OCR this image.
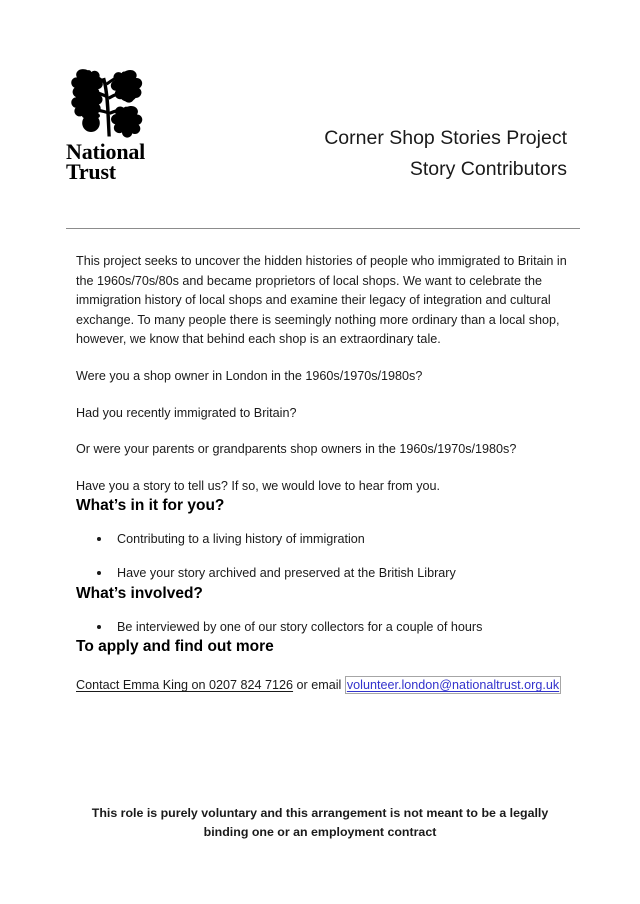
National
Trust
Corner Shop Stories Project
Story Contributors

This project seeks to uncover the hidden histories of people who immigrated to Britain in the 1960s/70s/80s and became proprietors of local shops. We want to celebrate the immigration history of local shops and examine their legacy of integration and cultural exchange. To many people there is seemingly nothing more ordinary than a local shop, however, we know that behind each shop is an extraordinary tale.

Were you a shop owner in London in the 1960s/1970s/1980s?

Had you recently immigrated to Britain?

Or were your parents or grandparents shop owners in the 1960s/1970s/1980s?

Have you a story to tell us? If so, we would love to hear from you.

What’s in it for you?
Contributing to a living history of immigration
Have your story archived and preserved at the British Library
What’s involved?
Be interviewed by one of our story collectors for a couple of hours
To apply and find out more
Contact Emma King on 0207 824 7126 or email volunteer.london@nationaltrust.org.uk
This role is purely voluntary and this arrangement is not meant to be a legally
binding one or an employment contract
